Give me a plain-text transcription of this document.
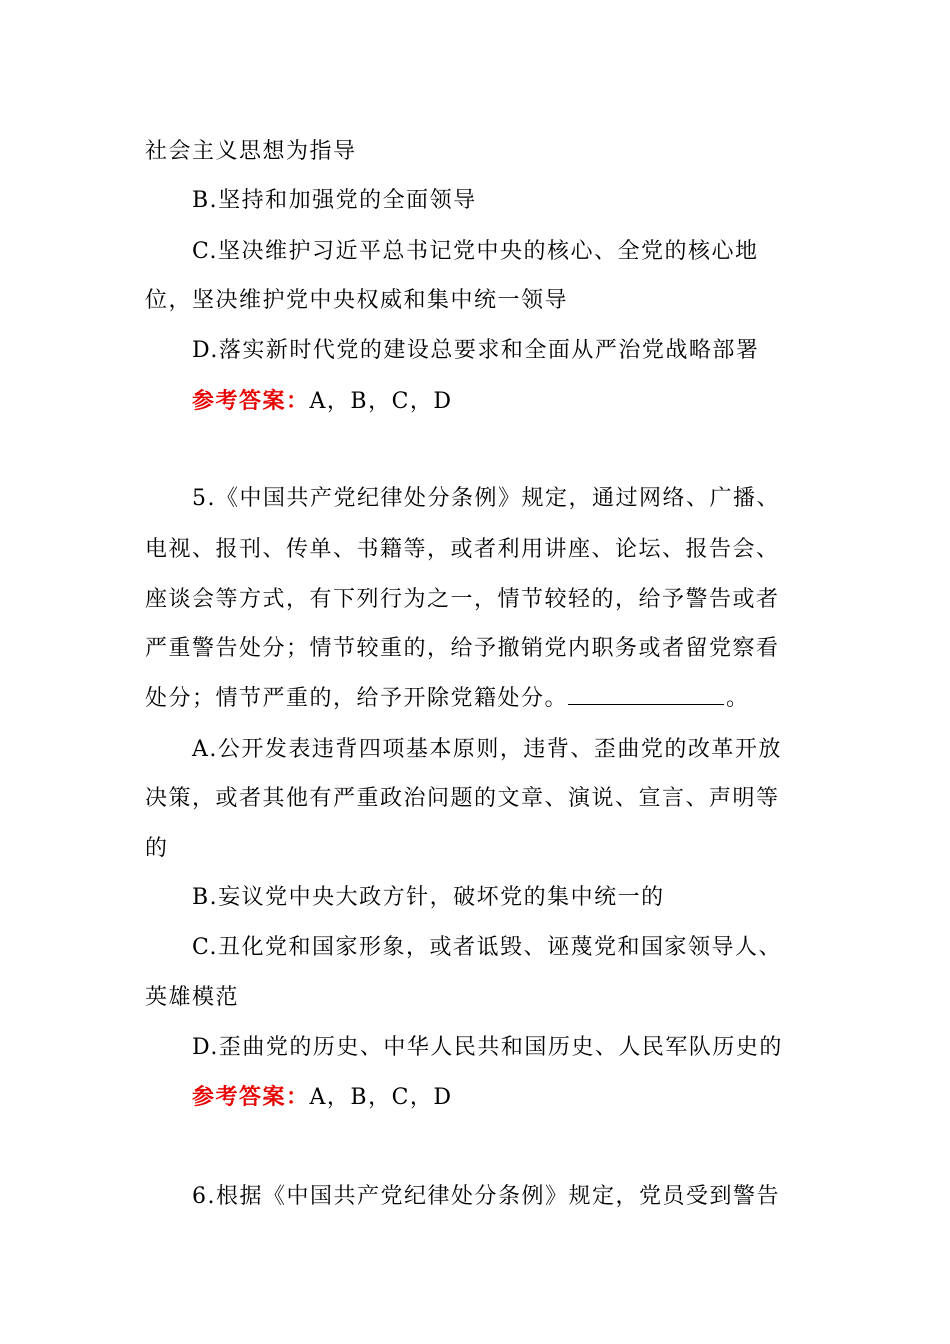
社会主义思想为指导
B.坚持和加强党的全面领导
C.坚决维护习近平总书记党中央的核心、全党的核心地
位，坚决维护党中央权威和集中统一领导
D.落实新时代党的建设总要求和全面从严治党战略部署
参考答案：A，B，C，D
5.《中国共产党纪律处分条例》规定，通过网络、广播、
电视、报刊、传单、书籍等，或者利用讲座、论坛、报告会、
座谈会等方式，有下列行为之一，情节较轻的，给予警告或者
严重警告处分；情节较重的，给予撤销党内职务或者留党察看
处分；情节严重的，给予开除党籍处分。	。
A.公开发表违背四项基本原则，违背、歪曲党的改革开放
决策，或者其他有严重政治问题的文章、演说、宣言、声明等
的
B.妄议党中央大政方针，破坏党的集中统一的
C.丑化党和国家形象，或者诋毁、诬蔑党和国家领导人、
英雄模范
D.歪曲党的历史、中华人民共和国历史、人民军队历史的
参考答案：A，B，C，D
6.根据《中国共产党纪律处分条例》规定，党员受到警告
